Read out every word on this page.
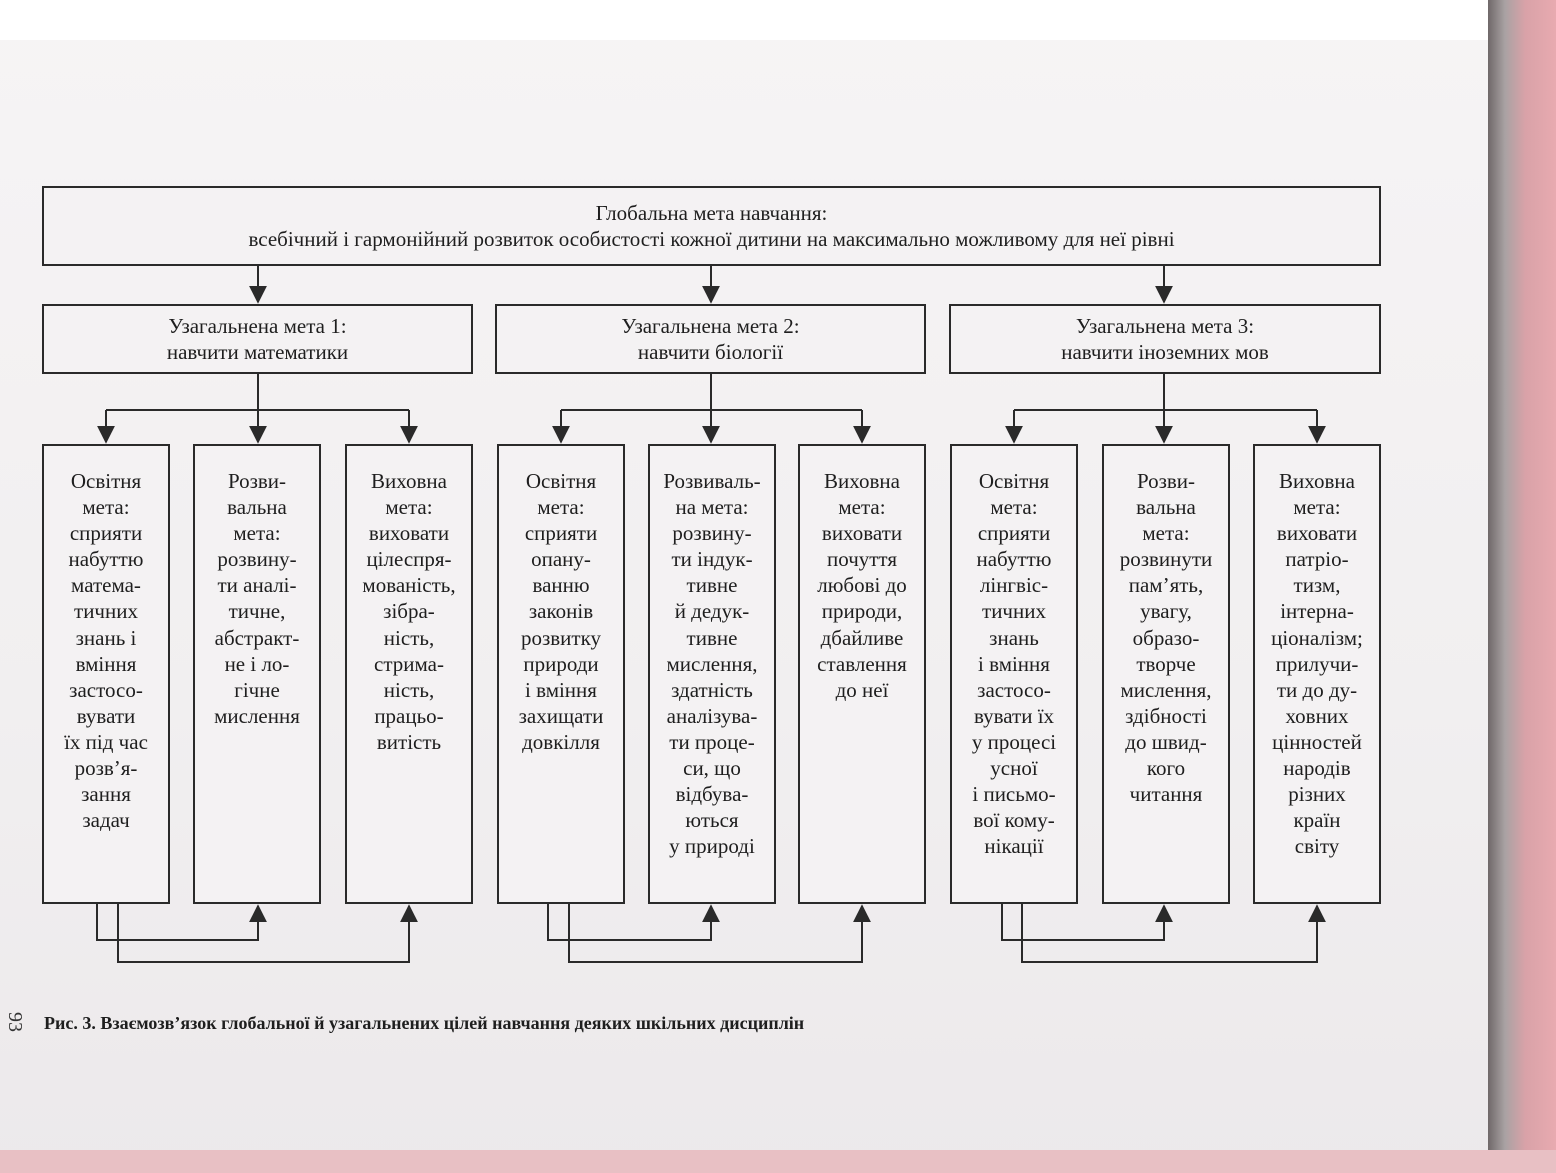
Глобальна мета навчання:
всебічний і гармонійний розвиток особистості кожної дитини на максимально можливому для неї рівні
Узагальнена мета 1:
навчити математики
Узагальнена мета 2:
навчити біології
Узагальнена мета 3:
навчити іноземних мов
Освітня
мета:
сприяти
набуттю
матема-
тичних
знань і
вміння
застосо-
вувати
їх під час
розв’я-
зання
задач
Розви-
вальна
мета:
розвину-
ти аналі-
тичне,
абстракт-
не і ло-
гічне
мислення
Виховна
мета:
виховати
цілеспря-
мованість,
зібра-
ність,
стрима-
ність,
працьо-
витість
Освітня
мета:
сприяти
опану-
ванню
законів
розвитку
природи
і вміння
захищати
довкілля
Розвиваль-
на мета:
розвину-
ти індук-
тивне
й дедук-
тивне
мислення,
здатність
аналізува-
ти проце-
си, що
відбува-
ються
у природі
Виховна
мета:
виховати
почуття
любові до
природи,
дбайливе
ставлення
до неї
Освітня
мета:
сприяти
набуттю
лінгвіс-
тичних
знань
і вміння
застосо-
вувати їх
у процесі
усної
і письмо-
вої кому-
нікації
Розви-
вальна
мета:
розвинути
пам’ять,
увагу,
образо-
творче
мислення,
здібності
до швид-
кого
читання
Виховна
мета:
виховати
патріо-
тизм,
інтерна-
ціоналізм;
прилучи-
ти до ду-
ховних
цінностей
народів
різних
країн
світу
Рис. 3. Взаємозв’язок глобальної й узагальнених цілей навчання деяких шкільних дисциплін
93
